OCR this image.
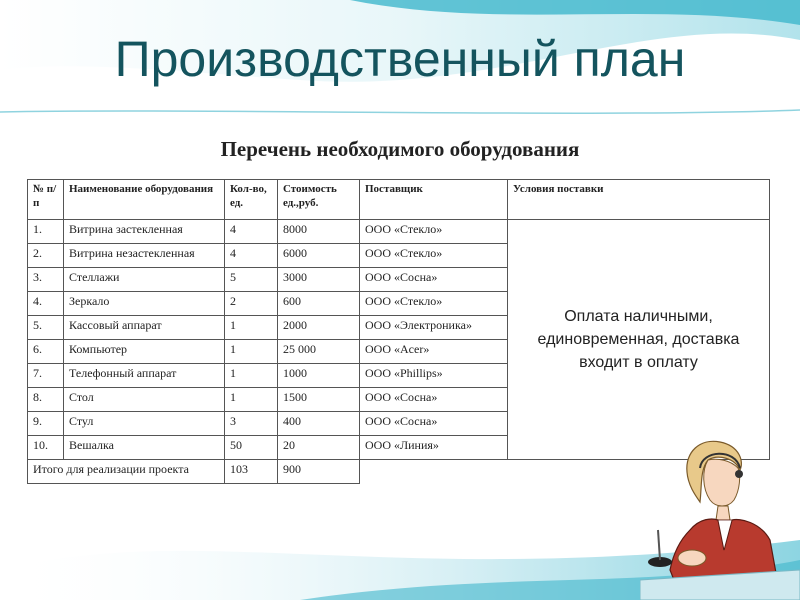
Производственный план
Перечень необходимого оборудования
№ п/п	Наименование оборудования	Кол-во, ед.	Стоимость ед.,руб.	Поставщик	Условия поставки
1.	Витрина застекленная	4	8000	ООО «Стекло»	Оплата наличными, единовременная, доставка входит в оплату
2.	Витрина незастекленная	4	6000	ООО «Стекло»	
3.	Стеллажи	5	3000	ООО «Сосна»	
4.	Зеркало	2	600	ООО «Стекло»	
5.	Кассовый аппарат	1	2000	ООО «Электроника»	
6.	Компьютер	1	25 000	ООО «Acer»	
7.	Телефонный аппарат	1	1000	ООО «Phillips»	
8.	Стол	1	1500	ООО «Сосна»	
9.	Стул	3	400	ООО «Сосна»	
10.	Вешалка	50	20	ООО «Линия»	
Итого для реализации проекта		103	900		
